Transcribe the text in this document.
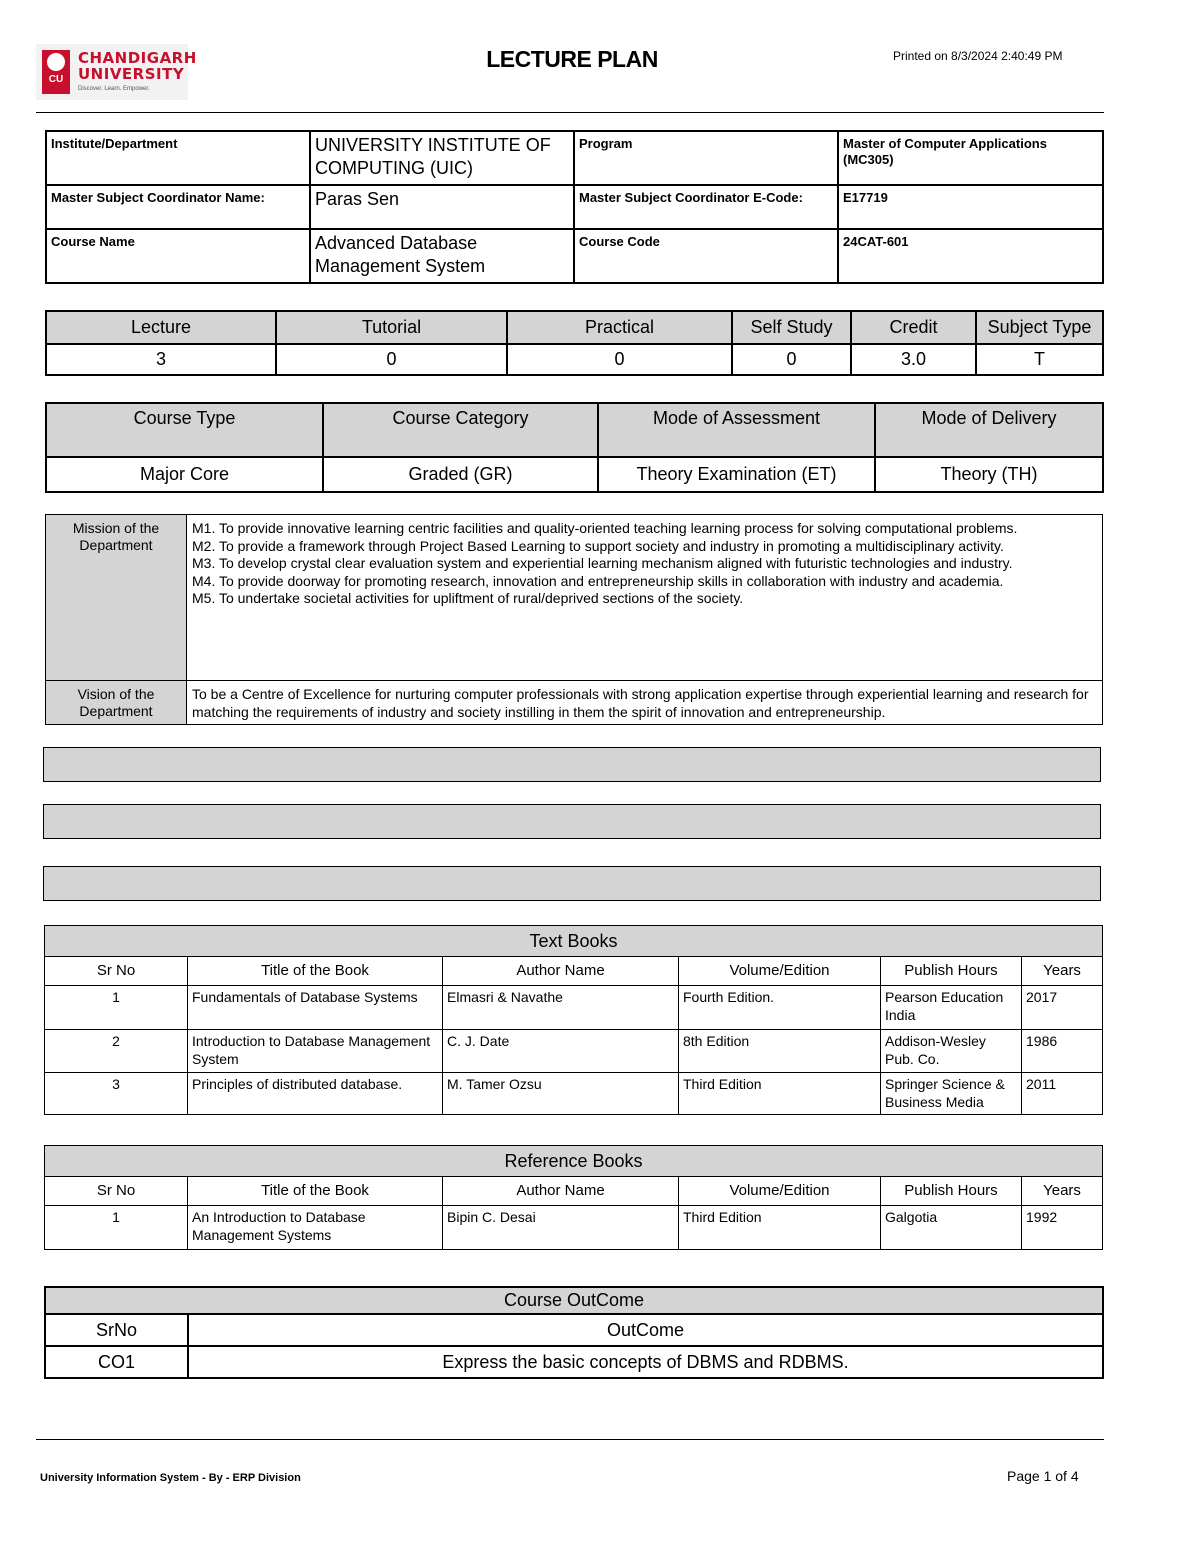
CU
CHANDIGARH
UNIVERSITY
Discover. Learn. Empower.
LECTURE PLAN	Printed on 8/3/2024 2:40:49 PM
Institute/Department	UNIVERSITY INSTITUTE OF COMPUTING (UIC)	Program	Master of Computer Applications (MC305)
Master Subject Coordinator Name:	Paras Sen	Master Subject Coordinator E-Code:	E17719
Course Name	Advanced Database Management System	Course Code	24CAT-601
Lecture	Tutorial	Practical	Self Study	Credit	Subject Type
3	0	0	0	3.0	T
Course Type	Course Category	Mode of Assessment	Mode of Delivery
Major Core	Graded (GR)	Theory Examination (ET)	Theory (TH)
Mission of the Department	M1. To provide innovative learning centric facilities and quality-oriented teaching learning process for solving computational problems.
M2. To provide a framework through Project Based Learning to support society and industry in promoting a multidisciplinary activity.
M3. To develop crystal clear evaluation system and experiential learning mechanism aligned with futuristic technologies and industry.
M4. To provide doorway for promoting research, innovation and entrepreneurship skills in collaboration with industry and academia.
M5. To undertake societal activities for upliftment of rural/deprived sections of the society.

Vision of the Department	To be a Centre of Excellence for nurturing computer professionals with strong application expertise through experiential learning and research for matching the requirements of industry and society instilling in them the spirit of innovation and entrepreneurship.
Text Books					
Sr No	Title of the Book	Author Name	Volume/Edition	Publish Hours	Years
1	Fundamentals of Database Systems	Elmasri & Navathe	Fourth Edition.	Pearson Education India	2017
2	Introduction to Database Management System	C. J. Date	8th Edition	Addison-Wesley Pub. Co.	1986
3	Principles of distributed database.	M. Tamer Ozsu	Third Edition	Springer Science & Business Media	2011
Reference Books					
Sr No	Title of the Book	Author Name	Volume/Edition	Publish Hours	Years
1	An Introduction to Database Management Systems	Bipin C. Desai	Third Edition	Galgotia	1992
Course OutCome	
SrNo	OutCome
CO1	Express the basic concepts of DBMS and RDBMS.
University Information System - By - ERP Division	Page 1 of 4
